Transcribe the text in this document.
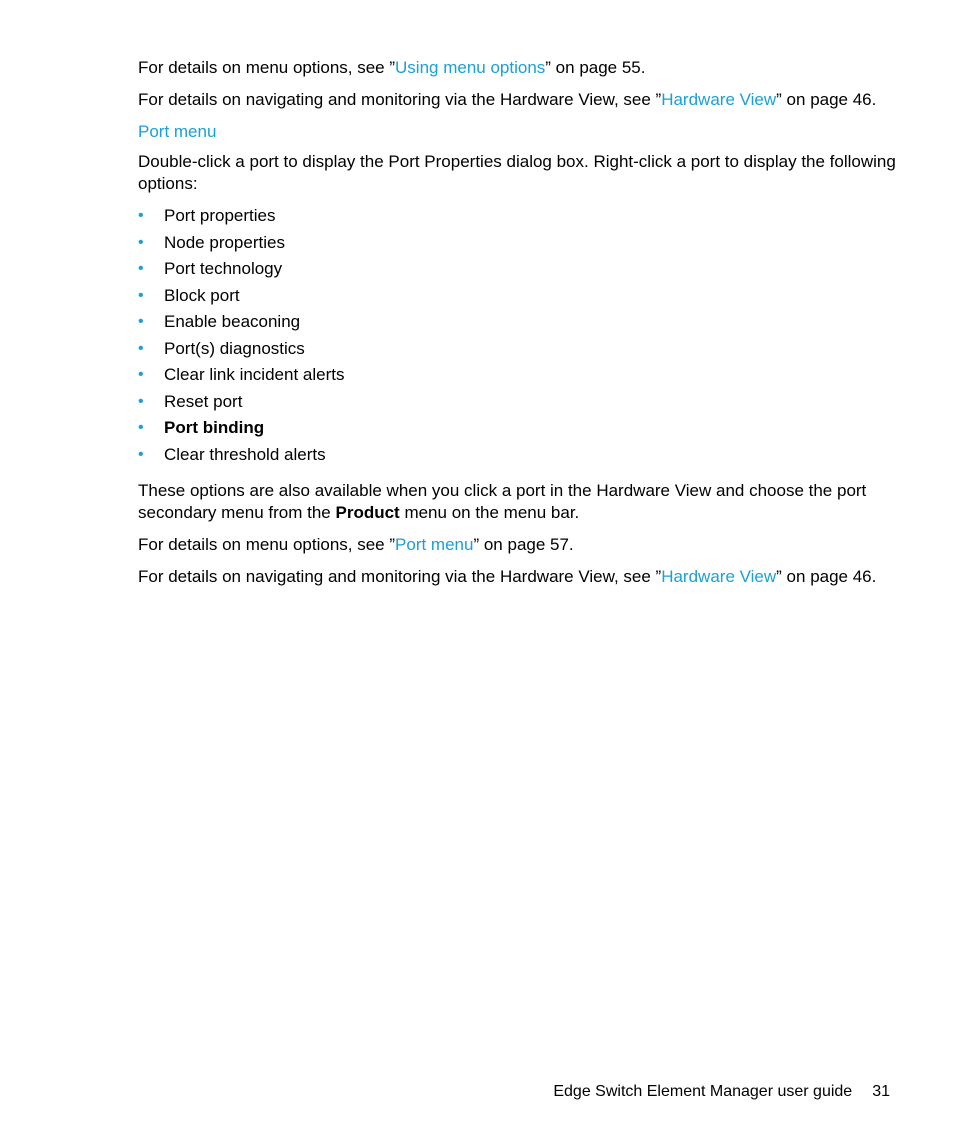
For details on menu options, see ”Using menu options” on page 55.

For details on navigating and monitoring via the Hardware View, see ”Hardware View” on page 46.

Port menu

Double-click a port to display the Port Properties dialog box. Right-click a port to display the following options:

• Port properties
• Node properties
• Port technology
• Block port
• Enable beaconing
• Port(s) diagnostics
• Clear link incident alerts
• Reset port
• Port binding
• Clear threshold alerts

These options are also available when you click a port in the Hardware View and choose the port secondary menu from the Product menu on the menu bar.

For details on menu options, see ”Port menu” on page 57.

For details on navigating and monitoring via the Hardware View, see ”Hardware View” on page 46.

Edge Switch Element Manager user guide 31
